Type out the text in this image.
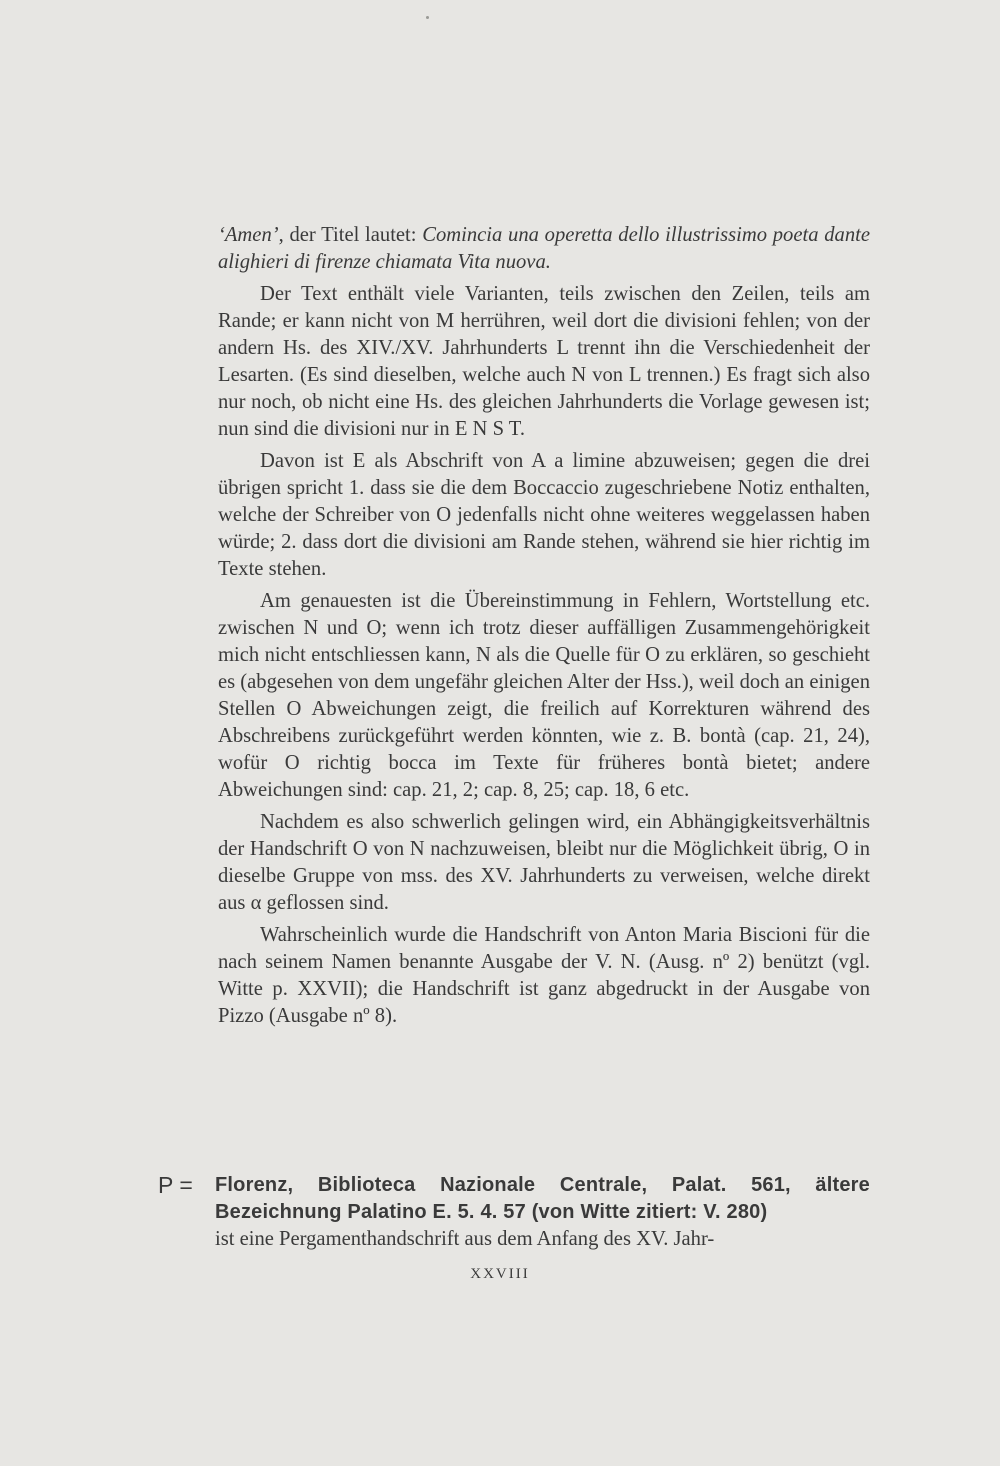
‘Amen’, der Titel lautet: Comincia una operetta dello illustrissimo poeta dante alighieri di firenze chiamata Vita nuova.

Der Text enthält viele Varianten, teils zwischen den Zeilen, teils am Rande; er kann nicht von M herrühren, weil dort die divisioni fehlen; von der andern Hs. des XIV./XV. Jahrhunderts L trennt ihn die Verschiedenheit der Lesarten. (Es sind dieselben, welche auch N von L trennen.) Es fragt sich also nur noch, ob nicht eine Hs. des gleichen Jahrhunderts die Vorlage gewesen ist; nun sind die divisioni nur in E N S T.

Davon ist E als Abschrift von A a limine abzuweisen; gegen die drei übrigen spricht 1. dass sie die dem Boccaccio zugeschriebene Notiz enthalten, welche der Schreiber von O jedenfalls nicht ohne weiteres weggelassen haben würde; 2. dass dort die divisioni am Rande stehen, während sie hier richtig im Texte stehen.

Am genauesten ist die Übereinstimmung in Fehlern, Wortstellung etc. zwischen N und O; wenn ich trotz dieser auffälligen Zusammengehörigkeit mich nicht entschliessen kann, N als die Quelle für O zu erklären, so geschieht es (abgesehen von dem ungefähr gleichen Alter der Hss.), weil doch an einigen Stellen O Abweichungen zeigt, die freilich auf Korrekturen während des Abschreibens zurückgeführt werden könnten, wie z. B. bontà (cap. 21, 24), wofür O richtig bocca im Texte für früheres bontà bietet; andere Abweichungen sind: cap. 21, 2; cap. 8, 25; cap. 18, 6 etc.

Nachdem es also schwerlich gelingen wird, ein Abhängigkeitsverhältnis der Handschrift O von N nachzuweisen, bleibt nur die Möglichkeit übrig, O in dieselbe Gruppe von mss. des XV. Jahrhunderts zu verweisen, welche direkt aus α geflossen sind.

Wahrscheinlich wurde die Handschrift von Anton Maria Biscioni für die nach seinem Namen benannte Ausgabe der V. N. (Ausg. nº 2) benützt (vgl. Witte p. XXVII); die Handschrift ist ganz abgedruckt in der Ausgabe von Pizzo (Ausgabe nº 8).

P =	Florenz, Biblioteca Nazionale Centrale, Palat. 561, ältere Bezeichnung Palatino E. 5. 4. 57 (von Witte zitiert: V. 280)
ist eine Pergamenthandschrift aus dem Anfang des XV. Jahr-
XXVIII
